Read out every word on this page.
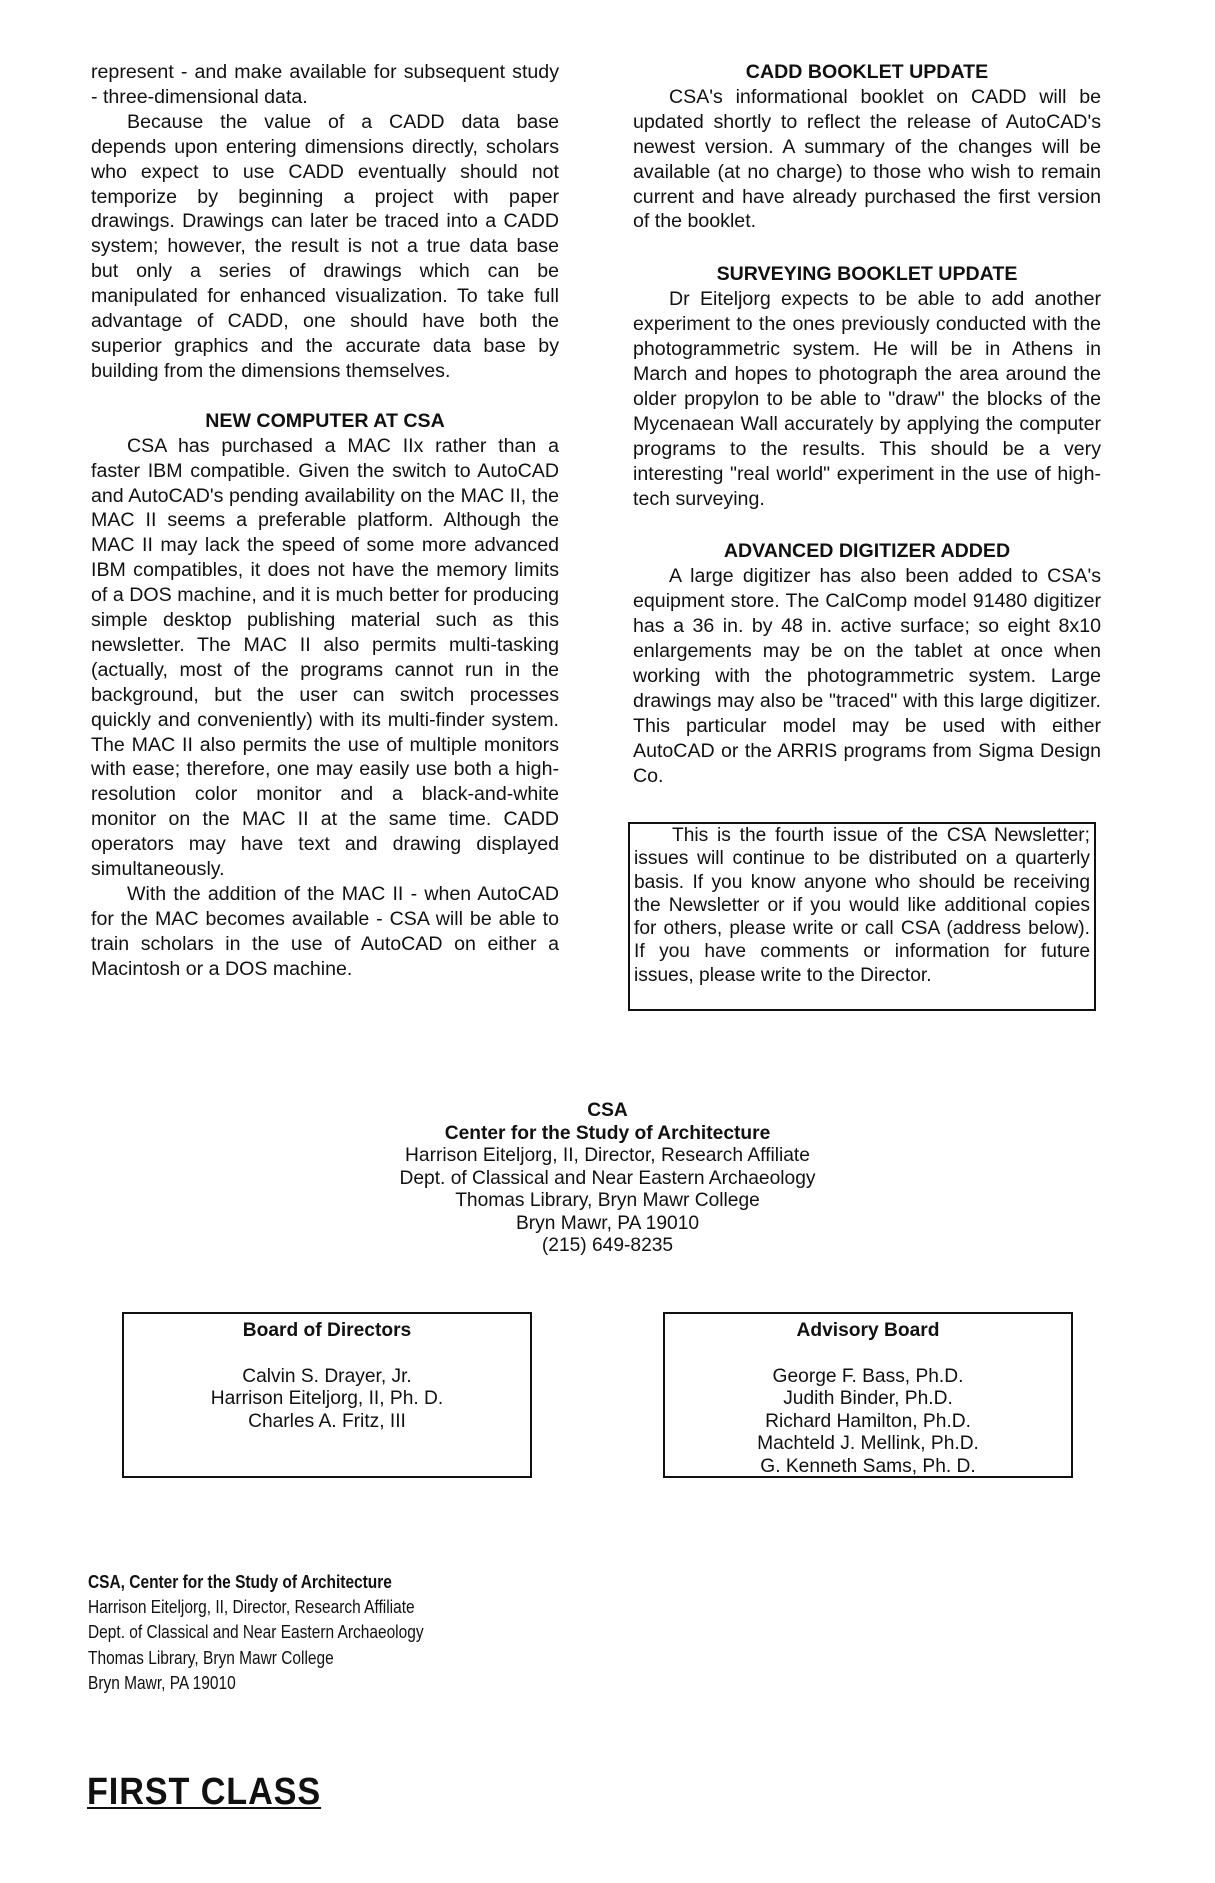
represent - and make available for subsequent study - three-dimensional data.

Because the value of a CADD data base depends upon entering dimensions directly, scholars who expect to use CADD eventually should not temporize by beginning a project with paper drawings. Drawings can later be traced into a CADD system; however, the result is not a true data base but only a series of drawings which can be manipulated for enhanced visualization. To take full advantage of CADD, one should have both the superior graphics and the accurate data base by building from the dimensions themselves.

NEW COMPUTER AT CSA

CSA has purchased a MAC IIx rather than a faster IBM compatible. Given the switch to AutoCAD and AutoCAD's pending availability on the MAC II, the MAC II seems a preferable platform. Although the MAC II may lack the speed of some more advanced IBM compatibles, it does not have the memory limits of a DOS machine, and it is much better for producing simple desktop publishing material such as this newsletter. The MAC II also permits multi-tasking (actually, most of the programs cannot run in the background, but the user can switch processes quickly and conveniently) with its multi-finder system. The MAC II also permits the use of multiple monitors with ease; therefore, one may easily use both a high-resolution color monitor and a black-and-white monitor on the MAC II at the same time. CADD operators may have text and drawing displayed simultaneously.

With the addition of the MAC II - when AutoCAD for the MAC becomes available - CSA will be able to train scholars in the use of AutoCAD on either a Macintosh or a DOS machine.

CADD BOOKLET UPDATE

CSA's informational booklet on CADD will be updated shortly to reflect the release of AutoCAD's newest version. A summary of the changes will be available (at no charge) to those who wish to remain current and have already purchased the first version of the booklet.

SURVEYING BOOKLET UPDATE

Dr Eiteljorg expects to be able to add another experiment to the ones previously conducted with the photogrammetric system. He will be in Athens in March and hopes to photograph the area around the older propylon to be able to "draw" the blocks of the Mycenaean Wall accurately by applying the computer programs to the results. This should be a very interesting "real world" experiment in the use of high-tech surveying.

ADVANCED DIGITIZER ADDED

A large digitizer has also been added to CSA's equipment store. The CalComp model 91480 digitizer has a 36 in. by 48 in. active surface; so eight 8x10 enlargements may be on the tablet at once when working with the photogrammetric system. Large drawings may also be "traced" with this large digitizer. This particular model may be used with either AutoCAD or the ARRIS programs from Sigma Design Co.

This is the fourth issue of the CSA Newsletter; issues will continue to be distributed on a quarterly basis. If you know anyone who should be receiving the Newsletter or if you would like additional copies for others, please write or call CSA (address below). If you have comments or information for future issues, please write to the Director.

CSA
Center for the Study of Architecture
Harrison Eiteljorg, II, Director, Research Affiliate
Dept. of Classical and Near Eastern Archaeology
Thomas Library, Bryn Mawr College
Bryn Mawr, PA 19010
(215) 649-8235
Board of Directors
Calvin S. Drayer, Jr.
Harrison Eiteljorg, II, Ph. D.
Charles A. Fritz, III
Advisory Board
George F. Bass, Ph.D.
Judith Binder, Ph.D.
Richard Hamilton, Ph.D.
Machteld J. Mellink, Ph.D.
G. Kenneth Sams, Ph. D.
CSA, Center for the Study of Architecture
Harrison Eiteljorg, II, Director, Research Affiliate
Dept. of Classical and Near Eastern Archaeology
Thomas Library, Bryn Mawr College
Bryn Mawr, PA 19010
FIRST CLASS
